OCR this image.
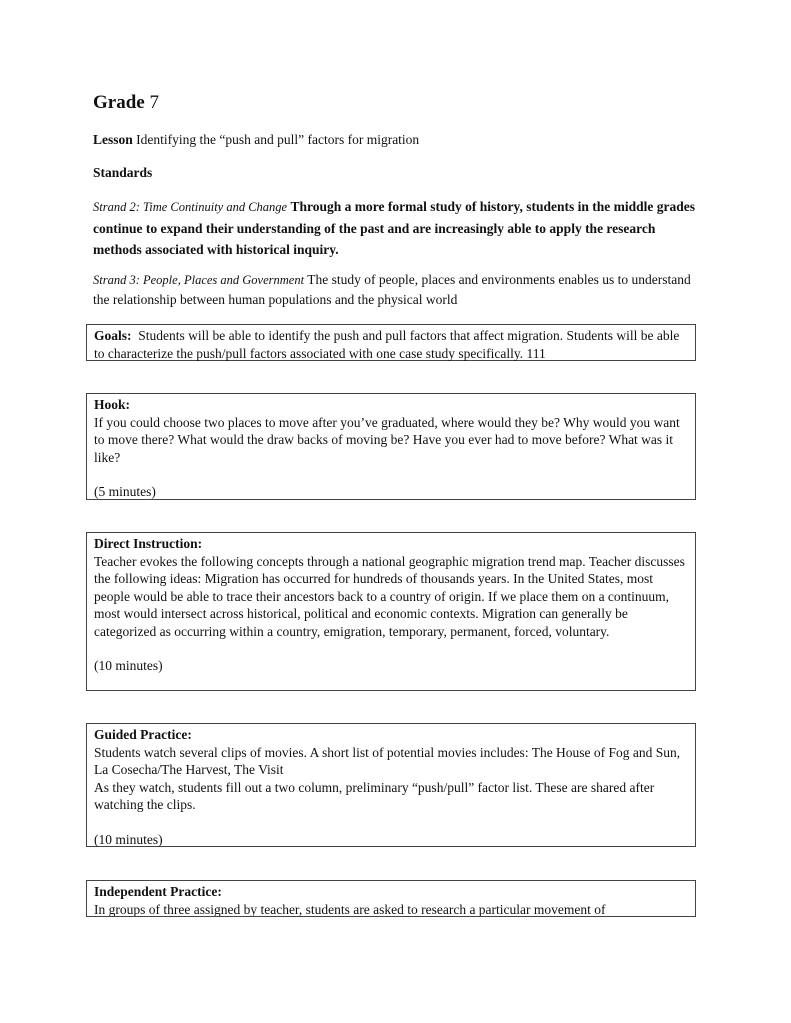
Grade 7
Lesson Identifying the “push and pull” factors for migration
Standards
Strand 2: Time Continuity and Change Through a more formal study of history, students in the middle grades continue to expand their understanding of the past and are increasingly able to apply the research methods associated with historical inquiry.
Strand 3: People, Places and Government The study of people, places and environments enables us to understand the relationship between human populations and the physical world

Goals: Students will be able to identify the push and pull factors that affect migration. Students will be able to characterize the push/pull factors associated with one case study specifically. 111

Hook:

If you could choose two places to move after you’ve graduated, where would they be? Why would you want to move there? What would the draw backs of moving be? Have you ever had to move before? What was it like?

(5 minutes)

Direct Instruction:

Teacher evokes the following concepts through a national geographic migration trend map. Teacher discusses the following ideas: Migration has occurred for hundreds of thousands years. In the United States, most people would be able to trace their ancestors back to a country of origin. If we place them on a continuum, most would intersect across historical, political and economic contexts. Migration can generally be categorized as occurring within a country, emigration, temporary, permanent, forced, voluntary.

(10 minutes)

Guided Practice:

Students watch several clips of movies. A short list of potential movies includes: The House of Fog and Sun, La Cosecha/The Harvest, The Visit

As they watch, students fill out a two column, preliminary “push/pull” factor list. These are shared after watching the clips.

(10 minutes)

Independent Practice:

In groups of three assigned by teacher, students are asked to research a particular movement of
